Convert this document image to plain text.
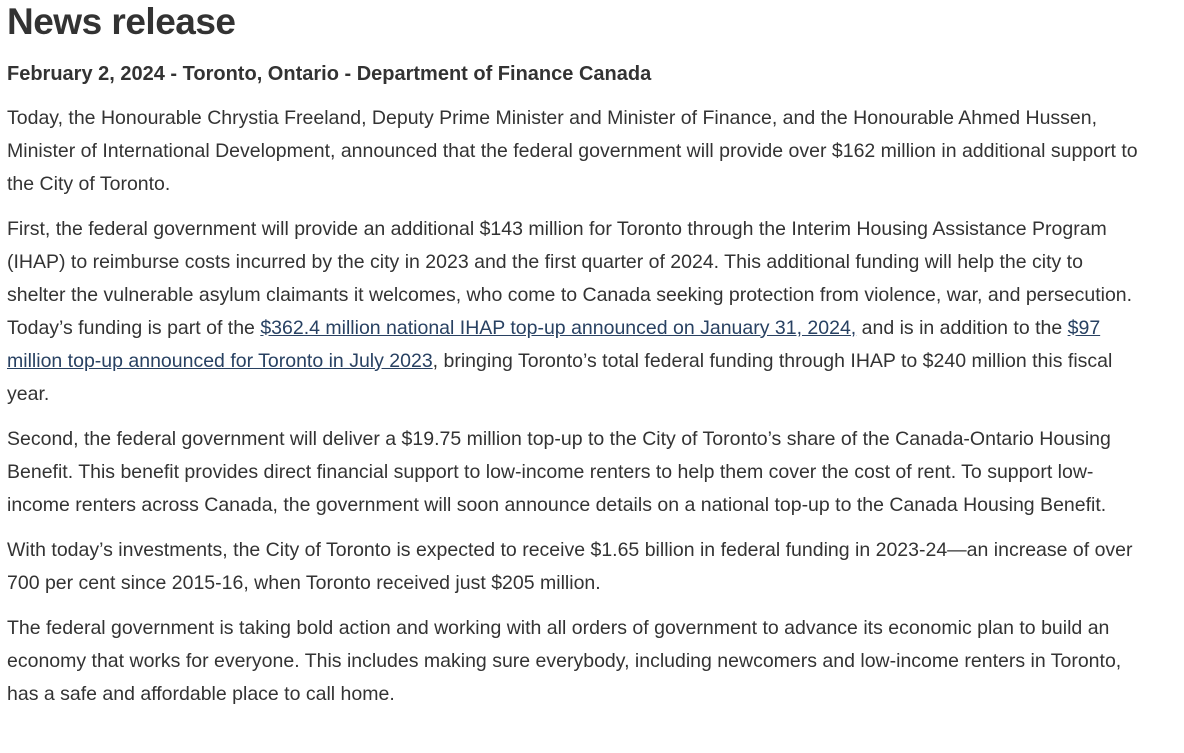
News release

February 2, 2024 - Toronto, Ontario - Department of Finance Canada

Today, the Honourable Chrystia Freeland, Deputy Prime Minister and Minister of Finance, and the Honourable Ahmed Hussen, Minister of International Development, announced that the federal government will provide over $162 million in additional support to the City of Toronto.

First, the federal government will provide an additional $143 million for Toronto through the Interim Housing Assistance Program (IHAP) to reimburse costs incurred by the city in 2023 and the first quarter of 2024. This additional funding will help the city to shelter the vulnerable asylum claimants it welcomes, who come to Canada seeking protection from violence, war, and persecution. Today’s funding is part of the $362.4 million national IHAP top-up announced on January 31, 2024, and is in addition to the $97 million top-up announced for Toronto in July 2023, bringing Toronto’s total federal funding through IHAP to $240 million this fiscal year.

Second, the federal government will deliver a $19.75 million top-up to the City of Toronto’s share of the Canada-Ontario Housing Benefit. This benefit provides direct financial support to low-income renters to help them cover the cost of rent. To support low-income renters across Canada, the government will soon announce details on a national top-up to the Canada Housing Benefit.

With today’s investments, the City of Toronto is expected to receive $1.65 billion in federal funding in 2023-24—an increase of over 700 per cent since 2015-16, when Toronto received just $205 million.

The federal government is taking bold action and working with all orders of government to advance its economic plan to build an economy that works for everyone. This includes making sure everybody, including newcomers and low-income renters in Toronto, has a safe and affordable place to call home.
